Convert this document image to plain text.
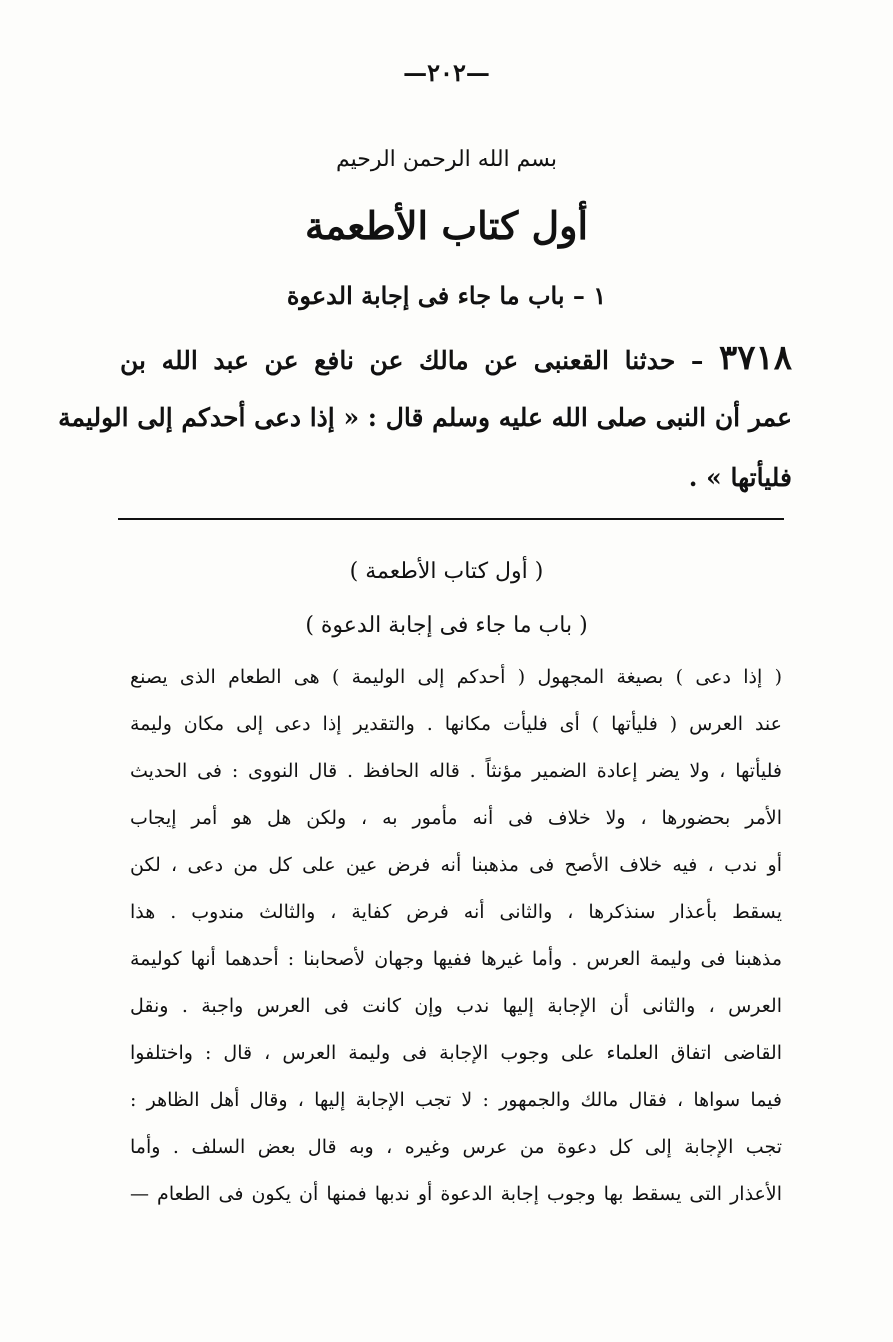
—٢٠٢—
بسم الله الرحمن الرحيم
أول كتاب الأطعمة
١ – باب ما جاء فى إجابة الدعوة
٣٧١٨ – حدثنا القعنبى عن مالك عن نافع عن عبد الله بن
عمر أن النبى صلى الله عليه وسلم قال : « إذا دعى أحدكم إلى الوليمة
فليأتها » .
( أول كتاب الأطعمة )
( باب ما جاء فى إجابة الدعوة )
( إذا دعى ) بصيغة المجهول ( أحدكم إلى الوليمة ) هى الطعام الذى يصنع
عند العرس ( فليأتها ) أى فليأت مكانها . والتقدير إذا دعى إلى مكان وليمة
فليأتها ، ولا يضر إعادة الضمير مؤنثاً . قاله الحافظ . قال النووى : فى الحديث
الأمر بحضورها ، ولا خلاف فى أنه مأمور به ، ولكن هل هو أمر إيجاب
أو ندب ، فيه خلاف الأصح فى مذهبنا أنه فرض عين على كل من دعى ، لكن
يسقط بأعذار سنذكرها ، والثانى أنه فرض كفاية ، والثالث مندوب . هذا
مذهبنا فى وليمة العرس . وأما غيرها ففيها وجهان لأصحابنا : أحدهما أنها كوليمة
العرس ، والثانى أن الإجابة إليها ندب وإن كانت فى العرس واجبة . ونقل
القاضى اتفاق العلماء على وجوب الإجابة فى وليمة العرس ، قال : واختلفوا
فيما سواها ، فقال مالك والجمهور : لا تجب الإجابة إليها ، وقال أهل الظاهر :
تجب الإجابة إلى كل دعوة من عرس وغيره ، وبه قال بعض السلف . وأما
الأعذار التى يسقط بها وجوب إجابة الدعوة أو ندبها فمنها أن يكون فى الطعام —
